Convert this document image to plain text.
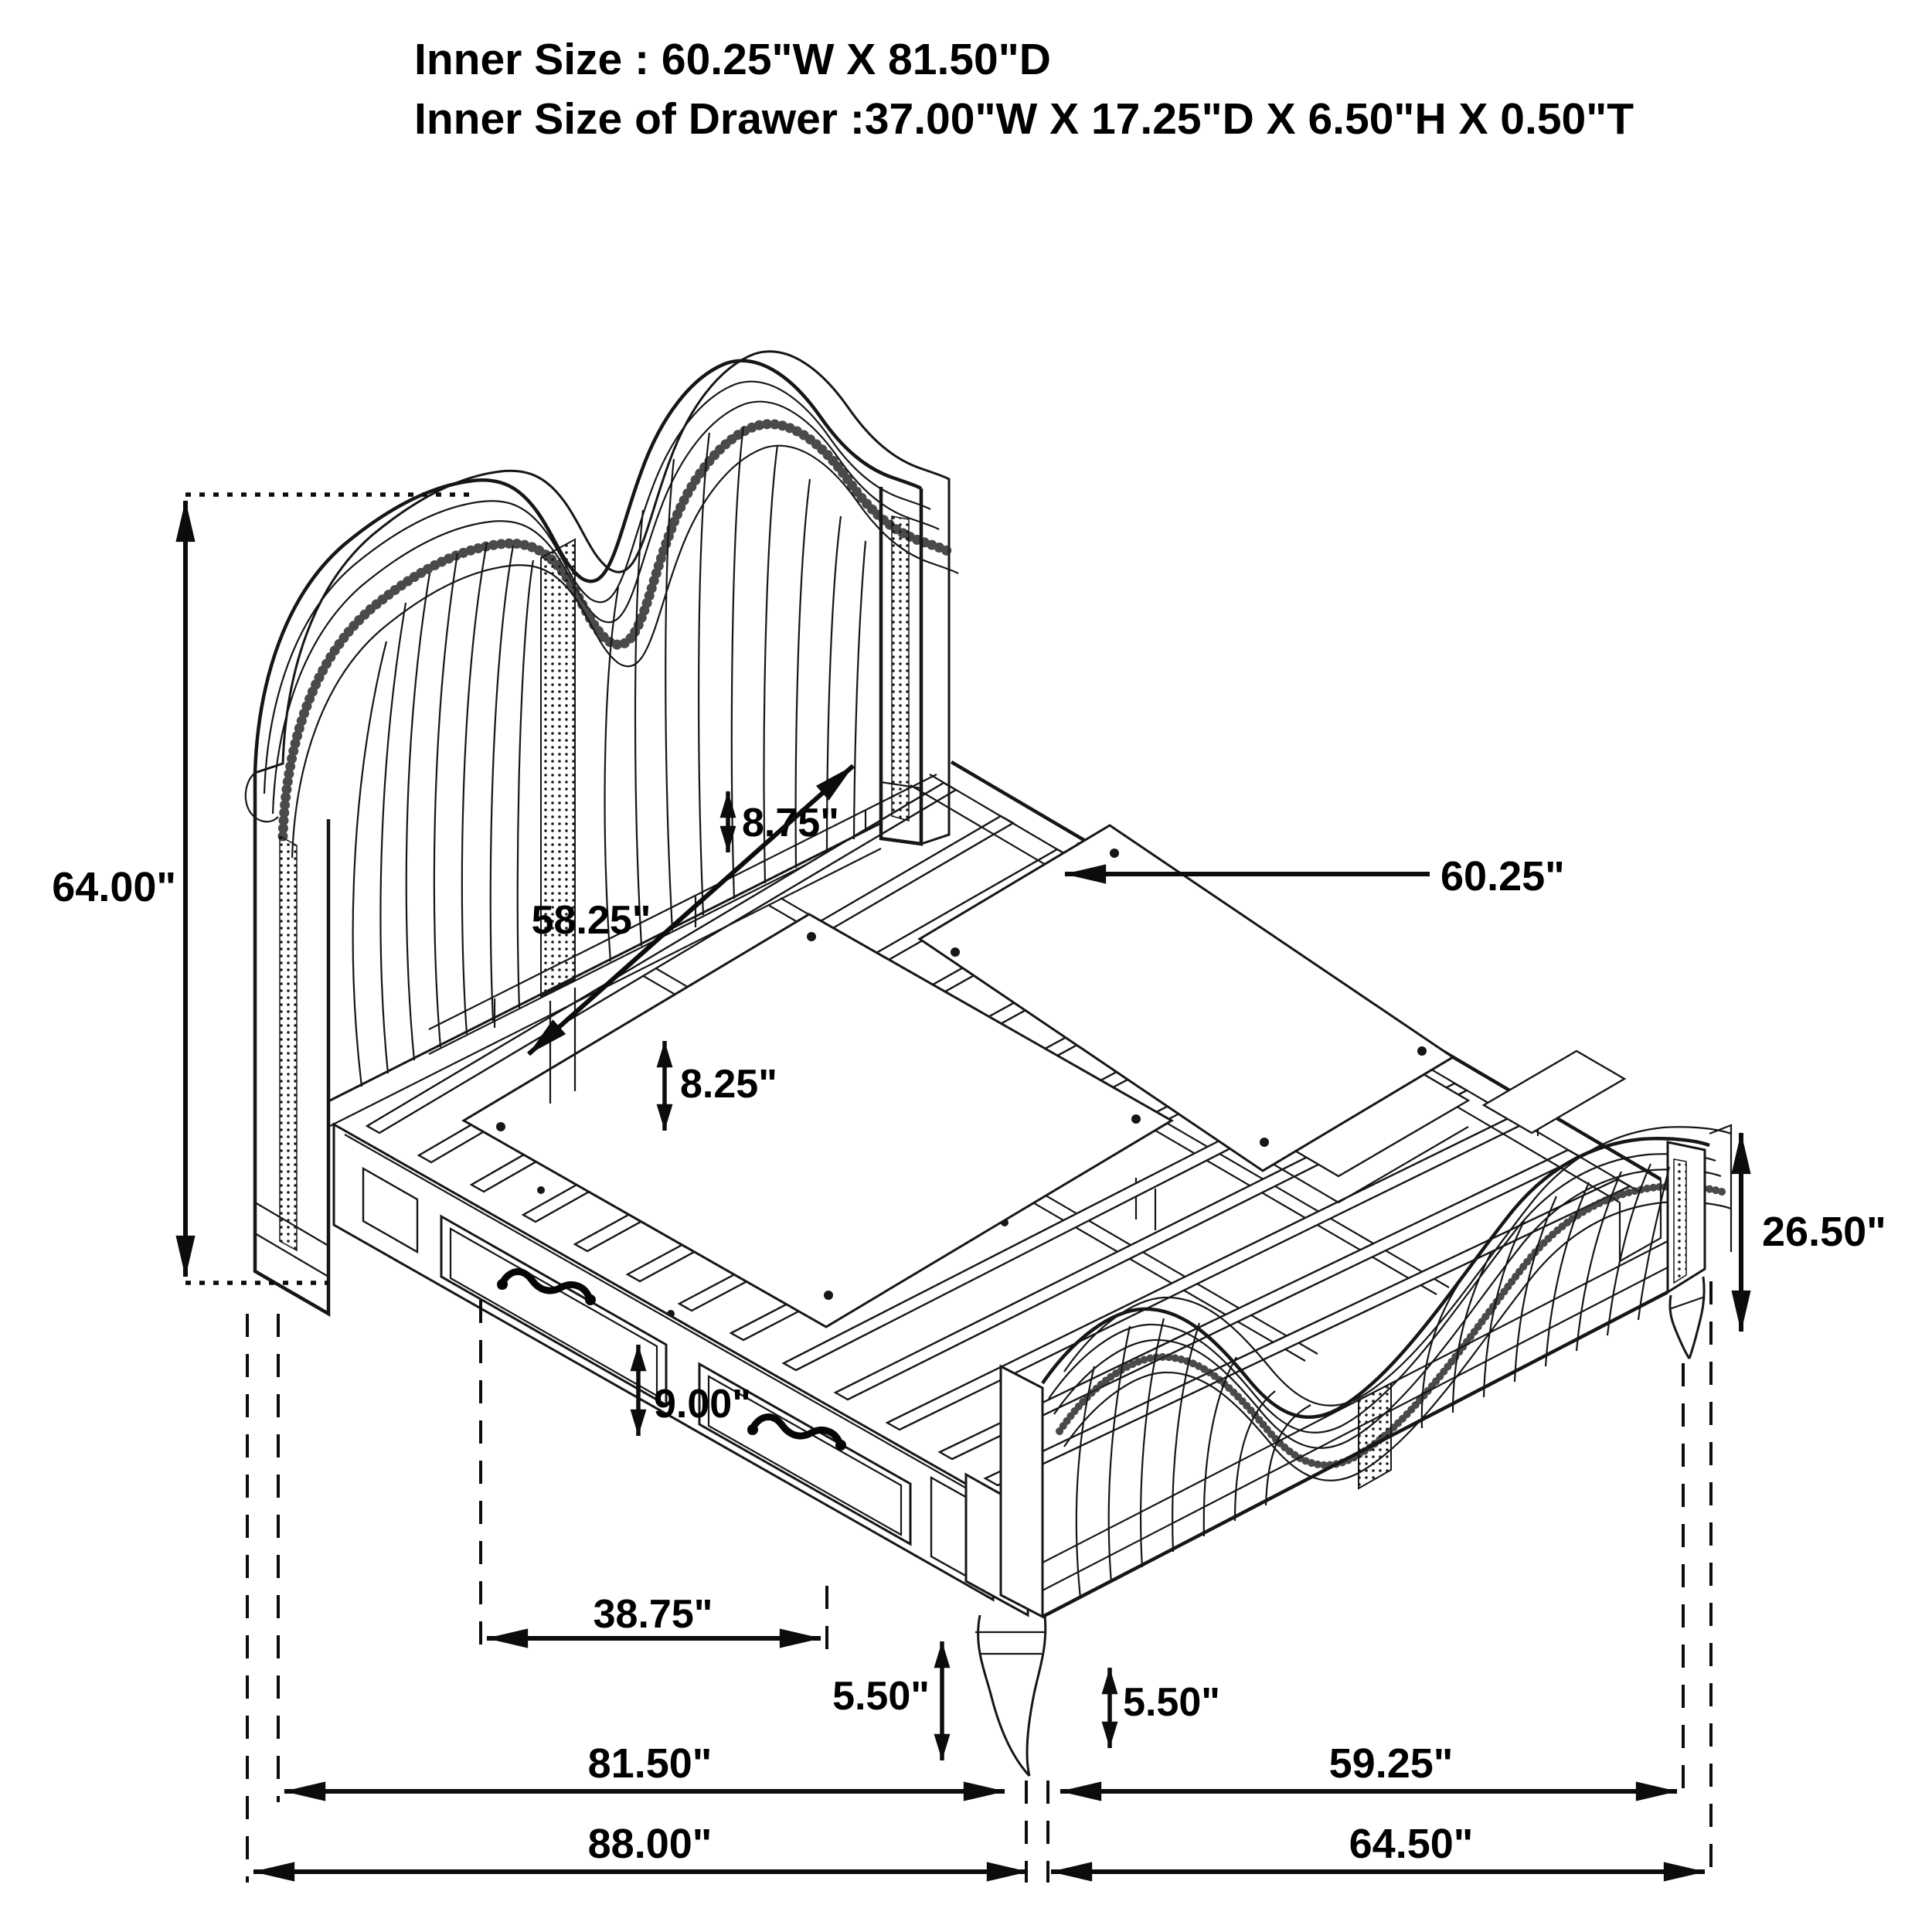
Inner Size : 60.25"W X 81.50"D
Inner Size of Drawer :37.00"W X 17.25"D X 6.50"H X 0.50"T
64.00"
8.75"
58.25"
60.25"
8.25"
26.50"
9.00"
38.75"
5.50"	5.50"
81.50"	59.25"
88.00"	64.50"
